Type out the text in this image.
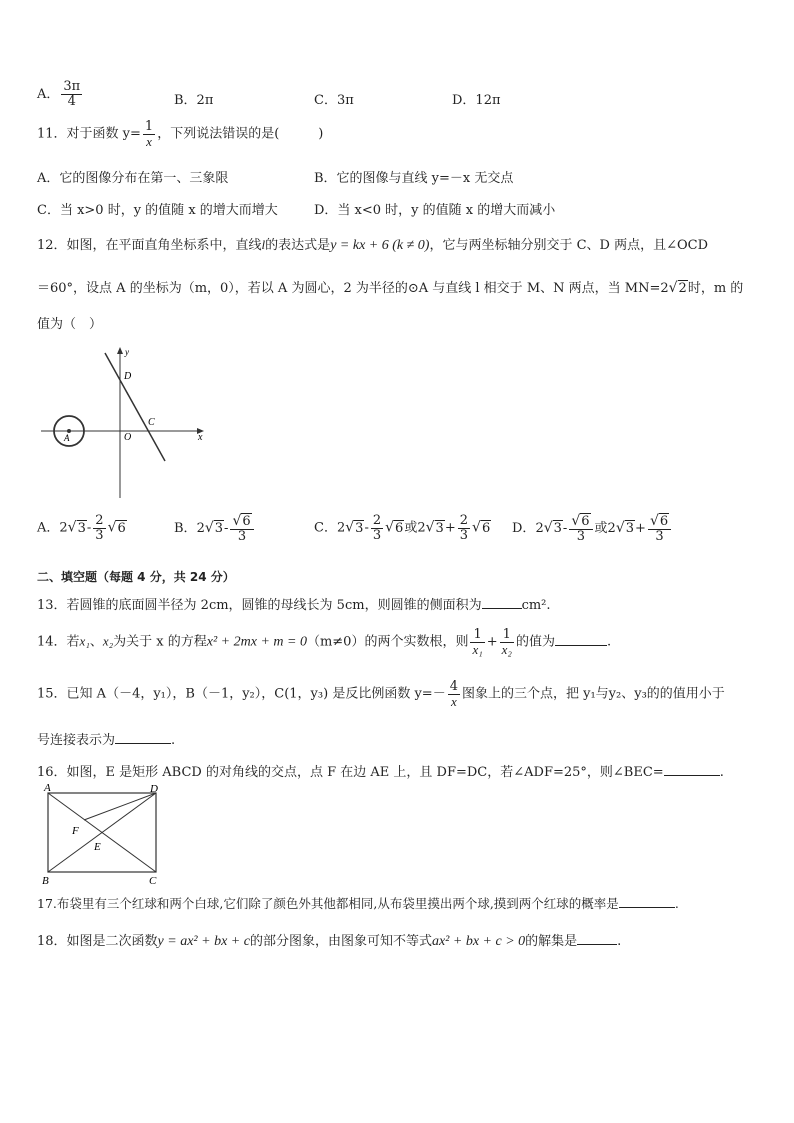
A． $\frac{3\pi}{4}$	B．2π	C．3π	D．12π
11．对于函数 $y= \frac{1}{x}$ ，下列说法错误的是(　　　)
A．它的图像分布在第一、三象限	B．它的图像与直线 y=－x 无交点
C．当 x>0 时，y 的值随 x 的增大而增大	D．当 x<0 时，y 的值随 x 的增大而减小
12．如图，在平面直角坐标系中，直线l的表达式是y = kx + 6 (k ≠ 0)，它与两坐标轴分别交于 C、D 两点，且∠OCD
＝60°，设点 A 的坐标为（m，0），若以 A 为圆心，2 为半径的⊙A 与直线 l 相交于 M、N 两点，当 MN=2√2时，m 的
值为（　）
y
x
D
C
O
A
A．$2√3- \frac{2}{3} √6$	B．$2√3- \frac{√6}{3}$	C．$2√3- \frac{2}{3} √6$或$2√3+ \frac{2}{3} √6$ D．$2√3- \frac{√6}{3}$ 或$2√3+ \frac{√6}{3}$
二、填空题（每题 4 分，共 24 分）
13．若圆锥的底面圆半径为 2cm，圆锥的母线长为 5cm，则圆锥的侧面积为	cm².
14．若x₁、x₂为关于 x 的方程x² + 2mx + m = 0（m≠0）的两个实数根，则 $\frac{1}{\text{x₁}} + \frac{1}{\text{x₂}}$ 的值为	.
15．已知 A（－4，y₁），B（－1，y₂），C(1，y₃) 是反比例函数 $y=- \frac{4}{x}$ 图象上的三个点，把 y₁与y₂、y₃的的值用小于
号连接表示为	.
16．如图，E 是矩形 ABCD 的对角线的交点，点 F 在边 AE 上，且 DF=DC，若∠ADF=25°，则∠BEC=	.
A	D
F
E
B	C
17.布袋里有三个红球和两个白球,它们除了颜色外其他都相同,从布袋里摸出两个球,摸到两个红球的概率是	.
18．如图是二次函数y = ax² + bx + c的部分图象，由图象可知不等式ax² + bx + c > 0的解集是	.
